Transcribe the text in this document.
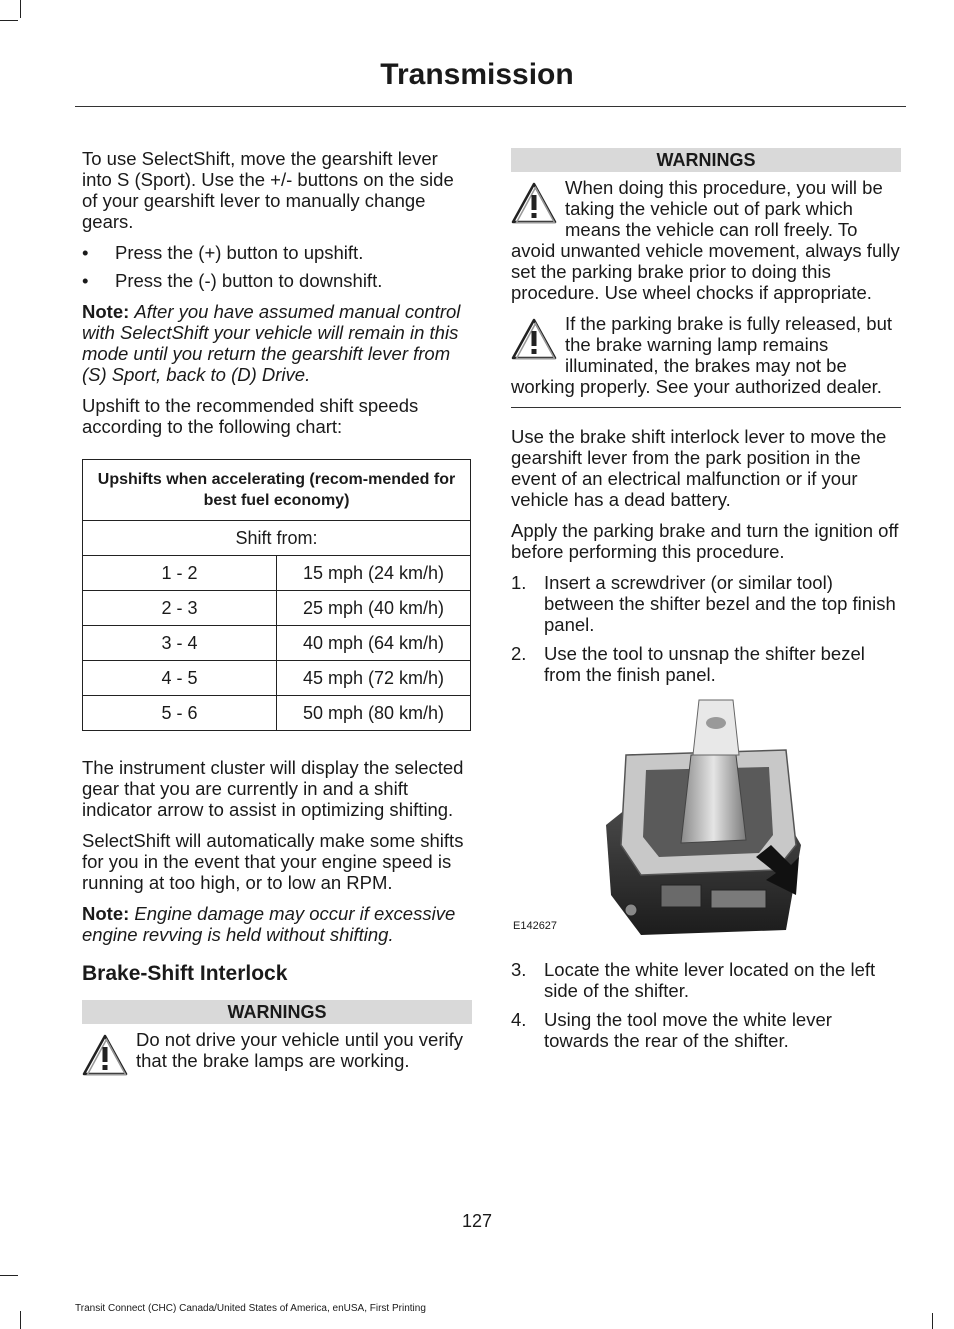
Transmission

To use SelectShift, move the gearshift lever into S (Sport). Use the +/- buttons on the side of your gearshift lever to manually change gears.

• Press the (+) button to upshift.
• Press the (-) button to downshift.

Note: After you have assumed manual control with SelectShift your vehicle will remain in this mode until you return the gearshift lever from (S) Sport, back to (D) Drive.

Upshift to the recommended shift speeds according to the following chart:

Upshifts when accelerating (recom-mended for best fuel economy)	
Shift from:	
1 - 2	15 mph (24 km/h)
2 - 3	25 mph (40 km/h)
3 - 4	40 mph (64 km/h)
4 - 5	45 mph (72 km/h)
5 - 6	50 mph (80 km/h)

The instrument cluster will display the selected gear that you are currently in and a shift indicator arrow to assist in optimizing shifting.

SelectShift will automatically make some shifts for you in the event that your engine speed is running at too high, or to low an RPM.

Note: Engine damage may occur if excessive engine revving is held without shifting.

Brake-Shift Interlock
WARNINGS
Do not drive your vehicle until you verify that the brake lamps are working.
WARNINGS
When doing this procedure, you will be taking the vehicle out of park which means the vehicle can roll freely. To avoid unwanted vehicle movement, always fully set the parking brake prior to doing this procedure. Use wheel chocks if appropriate.
If the parking brake is fully released, but the brake warning lamp remains illuminated, the brakes may not be working properly. See your authorized dealer.

Use the brake shift interlock lever to move the gearshift lever from the park position in the event of an electrical malfunction or if your vehicle has a dead battery.

Apply the parking brake and turn the ignition off before performing this procedure.

1. Insert a screwdriver (or similar tool) between the shifter bezel and the top finish panel.
2. Use the tool to unsnap the shifter bezel from the finish panel.
E142627
3. Locate the white lever located on the left side of the shifter.
4. Using the tool move the white lever towards the rear of the shifter.
127
Transit Connect (CHC) Canada/United States of America, enUSA, First Printing
